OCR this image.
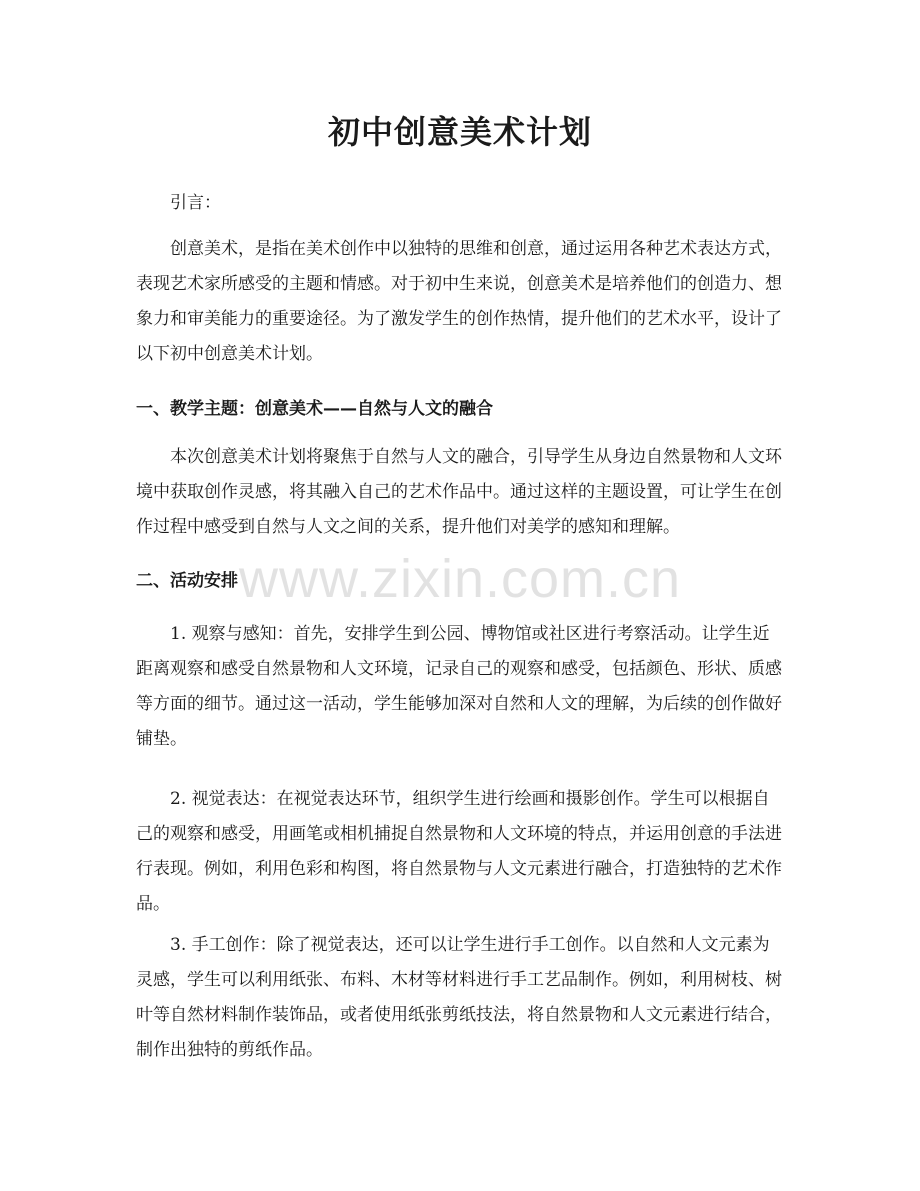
初中创意美术计划

引言：

创意美术，是指在美术创作中以独特的思维和创意，通过运用各种艺术表达方式，表现艺术家所感受的主题和情感。对于初中生来说，创意美术是培养他们的创造力、想象力和审美能力的重要途径。为了激发学生的创作热情，提升他们的艺术水平，设计了以下初中创意美术计划。

一、教学主题：创意美术——自然与人文的融合

本次创意美术计划将聚焦于自然与人文的融合，引导学生从身边自然景物和人文环境中获取创作灵感，将其融入自己的艺术作品中。通过这样的主题设置，可让学生在创作过程中感受到自然与人文之间的关系，提升他们对美学的感知和理解。

二、活动安排

1. 观察与感知：首先，安排学生到公园、博物馆或社区进行考察活动。让学生近距离观察和感受自然景物和人文环境，记录自己的观察和感受，包括颜色、形状、质感等方面的细节。通过这一活动，学生能够加深对自然和人文的理解，为后续的创作做好铺垫。

2. 视觉表达：在视觉表达环节，组织学生进行绘画和摄影创作。学生可以根据自己的观察和感受，用画笔或相机捕捉自然景物和人文环境的特点，并运用创意的手法进行表现。例如，利用色彩和构图，将自然景物与人文元素进行融合，打造独特的艺术作品。

3. 手工创作：除了视觉表达，还可以让学生进行手工创作。以自然和人文元素为灵感，学生可以利用纸张、布料、木材等材料进行手工艺品制作。例如，利用树枝、树叶等自然材料制作装饰品，或者使用纸张剪纸技法，将自然景物和人文元素进行结合，制作出独特的剪纸作品。

www.zixin.com.cn
